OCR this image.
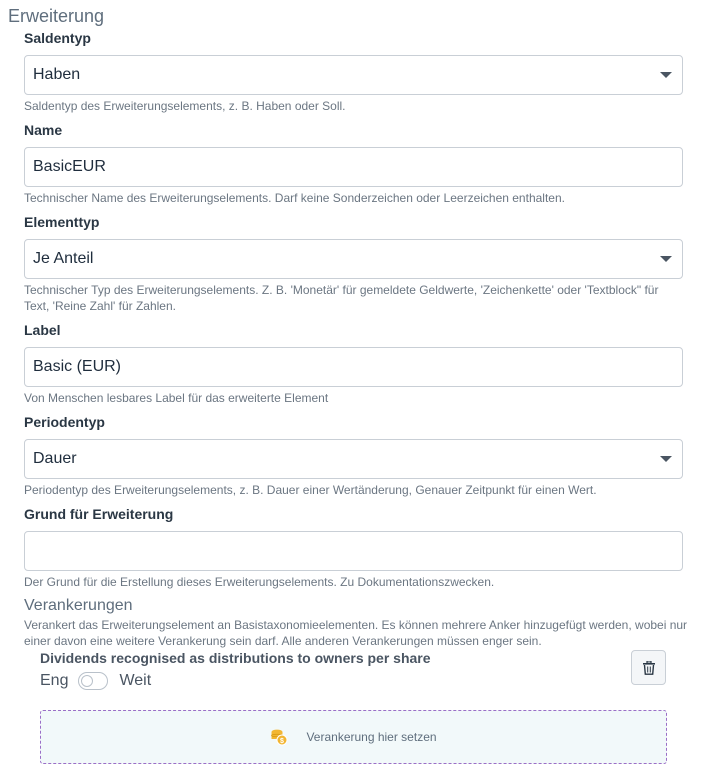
Erweiterung
Saldentyp
Haben
Saldentyp des Erweiterungselements, z. B. Haben oder Soll.
Name
BasicEUR
Technischer Name des Erweiterungselements. Darf keine Sonderzeichen oder Leerzeichen enthalten.
Elementtyp
Je Anteil
Technischer Typ des Erweiterungselements. Z. B. 'Monetär' für gemeldete Geldwerte, 'Zeichenkette' oder 'Textblock" für Text, 'Reine Zahl' für Zahlen.
Label
Basic (EUR)
Von Menschen lesbares Label für das erweiterte Element
Periodentyp
Dauer
Periodentyp des Erweiterungselements, z. B. Dauer einer Wertänderung, Genauer Zeitpunkt für einen Wert.
Grund für Erweiterung
Der Grund für die Erstellung dieses Erweiterungselements. Zu Dokumentationszwecken.
Verankerungen
Verankert das Erweiterungselement an Basistaxonomieelementen. Es können mehrere Anker hinzugefügt werden, wobei nur einer davon eine weitere Verankerung sein darf. Alle anderen Verankerungen müssen enger sein.
Dividends recognised as distributions to owners per share
Eng	Weit
$ Verankerung hier setzen
